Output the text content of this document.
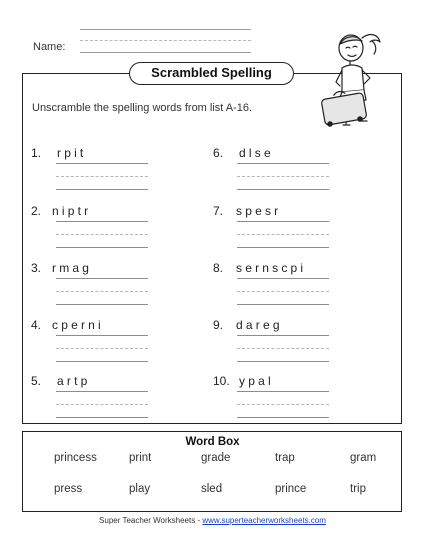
Name:
Scrambled Spelling
Unscramble the spelling words from list A-16.
1. rpit
2. niptr
3. rmag
4. cperni
5. artp
6. dlse
7. spesr
8. sernscpi
9. dareg
10. ypal
Word Box
princess	print	grade	trap	gram
press	play	sled	prince	trip
Super Teacher Worksheets - www.superteacherworksheets.com
